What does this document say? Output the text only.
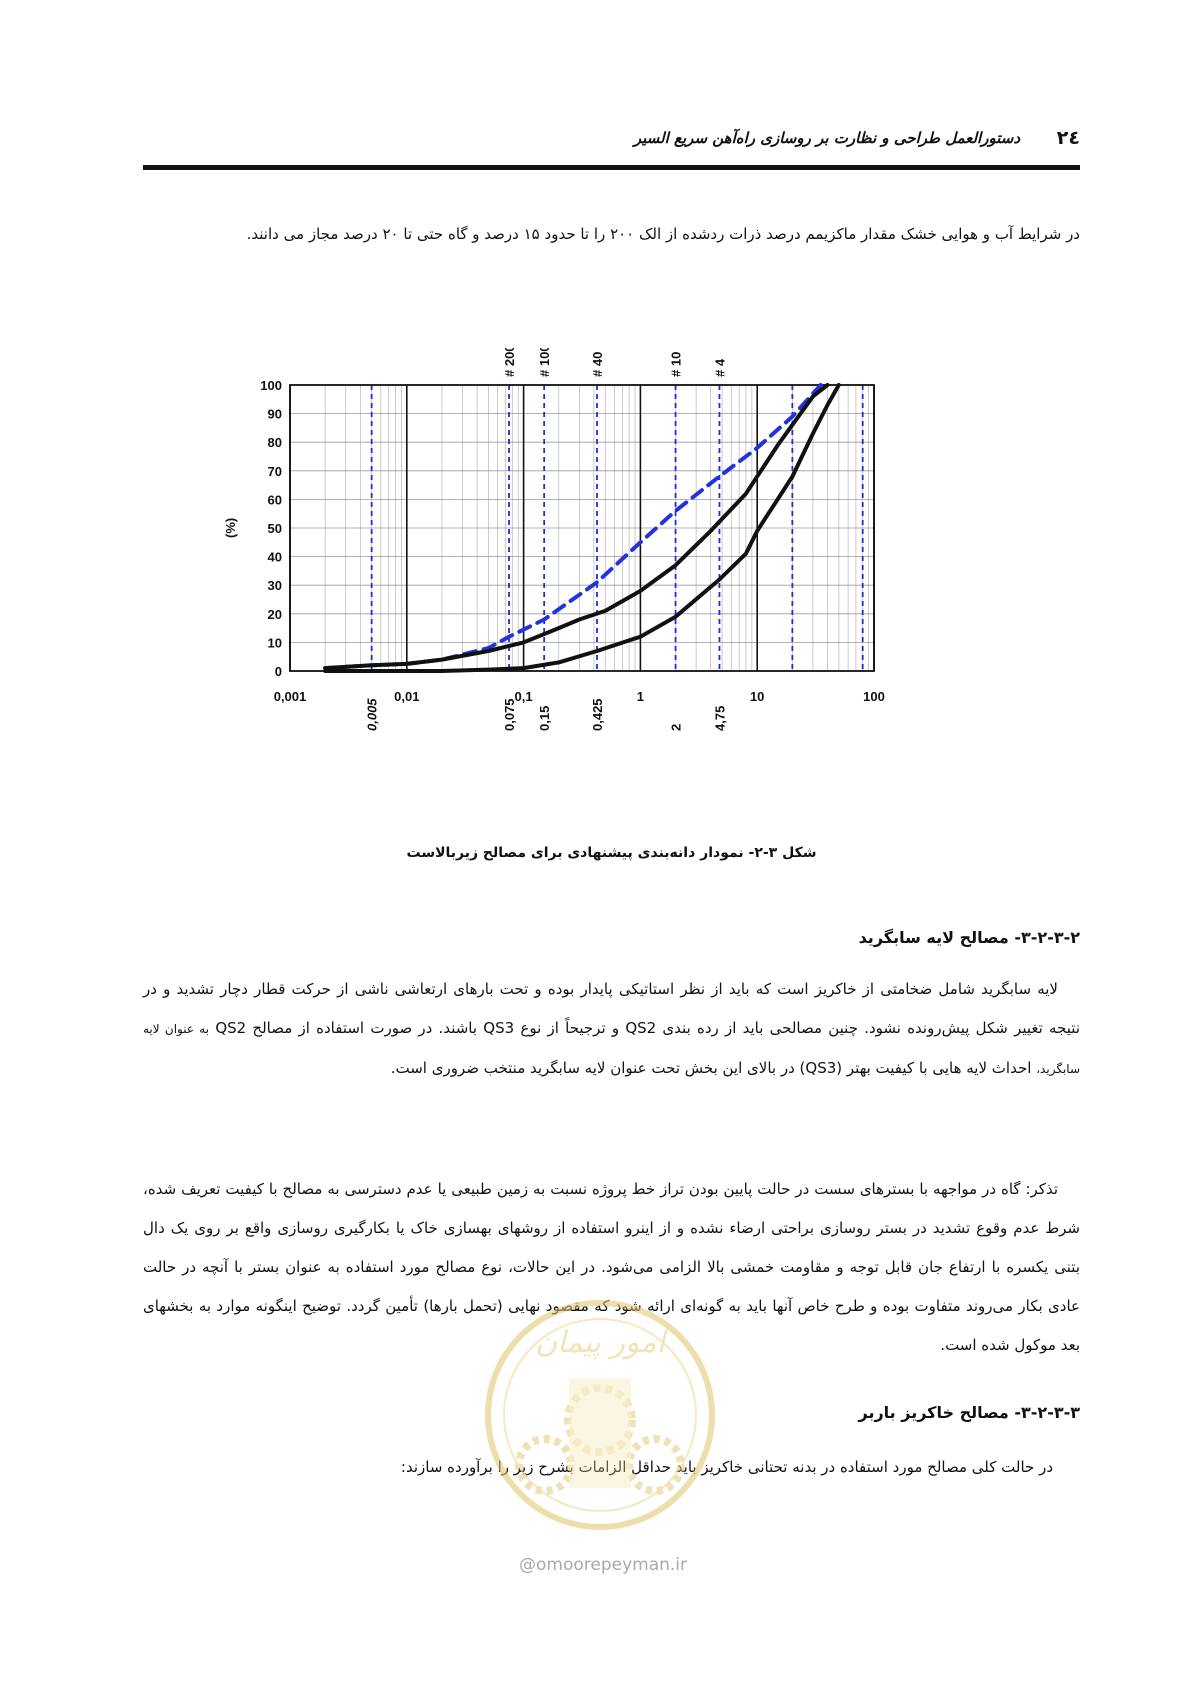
دستورالعمل طراحی و نظارت بر روسازی راه‌آهن سریع السیر ۲٤
در شرایط آب و هوایی خشک مقدار ماکزیمم درصد ذرات ردشده از الک ۲۰۰ را تا حدود ۱۵ درصد و گاه حتی تا ۲۰ درصد مجاز می دانند.
0
10
20
30
40
50
60
70
80
90
100
0,001	0,01	0,1	1	10	100
0,005	0,075 0,15	0,425	2 4,75
# 200 # 100	# 40	# 10 # 4
(%)
شکل ۳-۲- نمودار دانه‌بندی پیشنهادی برای مصالح زیربالاست
۳-۲-۳-۲- مصالح لایه سابگرید
لایه سابگرید شامل ضخامتی از خاکریز است که باید از نظر استاتیکی پایدار بوده و تحت بارهای ارتعاشی ناشی از حرکت قطار دچار تشدید و در نتیجه تغییر شکل پیش‌رونده نشود. چنین مصالحی باید از رده بندی QS2 و ترجیحاً از نوع QS3 باشند. در صورت استفاده از مصالح QS2 به عنوان لایه سابگرید، احداث لایه هایی با کیفیت بهتر (QS3) در بالای این بخش تحت عنوان لایه سابگرید منتخب ضروری است.
تذکر: گاه در مواجهه با بسترهای سست در حالت پایین بودن تراز خط پروژه نسبت به زمین طبیعی یا عدم دسترسی به مصالح با کیفیت تعریف شده، شرط عدم وقوع تشدید در بستر روسازی براحتی ارضاء نشده و از اینرو استفاده از روشهای بهسازی خاک یا بکارگیری روسازی واقع بر روی یک دال بتنی یکسره با ارتفاع جان قابل توجه و مقاومت خمشی بالا الزامی می‌شود. در این حالات، نوع مصالح مورد استفاده به عنوان بستر با آنچه در حالت عادی بکار می‌روند متفاوت بوده و طرح خاص آنها باید به گونه‌ای ارائه شود که مقصود نهایی (تحمل بارها) تأمین گردد. توضیح اینگونه موارد به بخشهای بعد موکول شده است.
۳-۲-۳-۳- مصالح خاکریز باربر
در حالت کلی مصالح مورد استفاده در بدنه تحتانی خاکریز باید حداقل الزامات بشرح زیر را برآورده سازند:
امور پیمان
@omoorepeyman.ir
